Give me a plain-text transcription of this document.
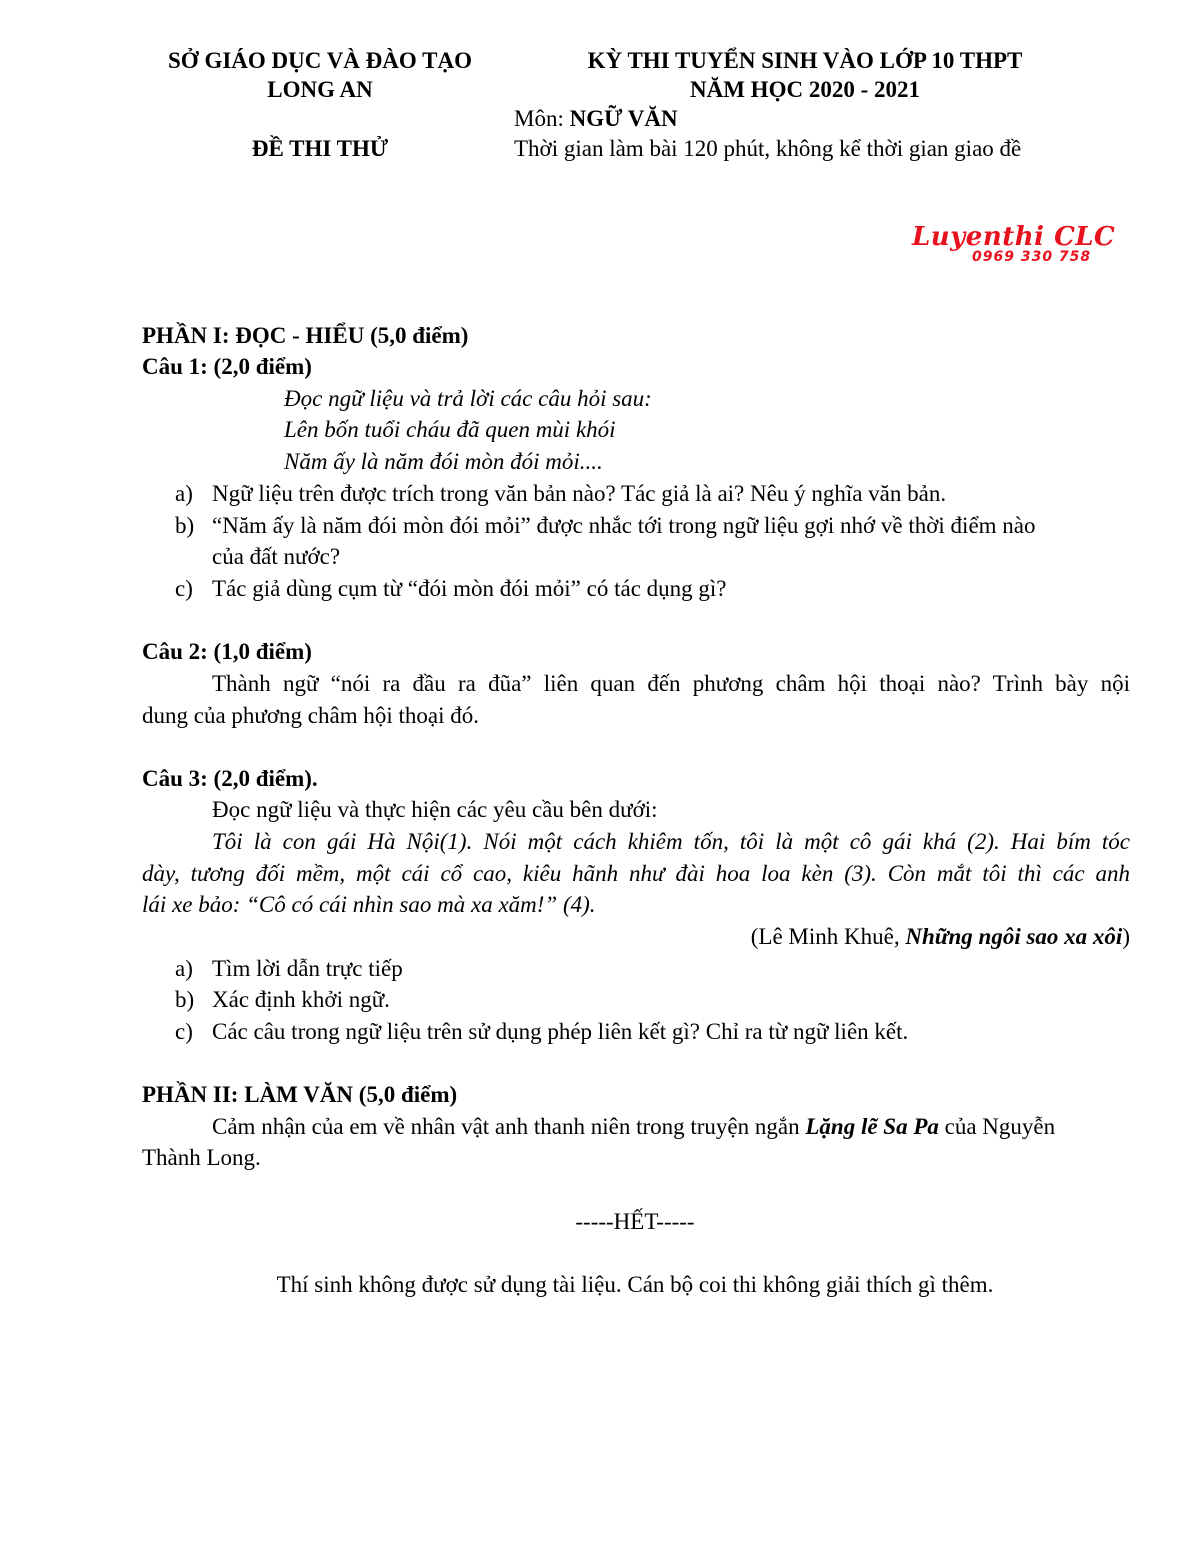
SỞ GIÁO DỤC VÀ ĐÀO TẠO
LONG AN
ĐỀ THI THỬ
KỲ THI TUYỂN SINH VÀO LỚP 10 THPT
NĂM HỌC 2020 - 2021
Môn: NGỮ VĂN
Thời gian làm bài 120 phút, không kể thời gian giao đề
Luyenthi CLC
0969 330 758
PHẦN I: ĐỌC - HIỂU (5,0 điểm)
Câu 1: (2,0 điểm)
Đọc ngữ liệu và trả lời các câu hỏi sau:
Lên bốn tuổi cháu đã quen mùi khói
Năm ấy là năm đói mòn đói mỏi....
a) Ngữ liệu trên được trích trong văn bản nào? Tác giả là ai? Nêu ý nghĩa văn bản.
b) “Năm ấy là năm đói mòn đói mỏi” được nhắc tới trong ngữ liệu gợi nhớ về thời điểm nào
của đất nước?
c) Tác giả dùng cụm từ “đói mòn đói mỏi” có tác dụng gì?
Câu 2: (1,0 điểm)
Thành ngữ “nói ra đầu ra đũa” liên quan đến phương châm hội thoại nào? Trình bày nội
dung của phương châm hội thoại đó.
Câu 3: (2,0 điểm).
Đọc ngữ liệu và thực hiện các yêu cầu bên dưới:
Tôi là con gái Hà Nội(1). Nói một cách khiêm tốn, tôi là một cô gái khá (2). Hai bím tóc
dày, tương đối mềm, một cái cổ cao, kiêu hãnh như đài hoa loa kèn (3). Còn mắt tôi thì các anh
lái xe bảo: “Cô có cái nhìn sao mà xa xăm!” (4).
(Lê Minh Khuê, Những ngôi sao xa xôi)
a) Tìm lời dẫn trực tiếp
b) Xác định khởi ngữ.
c) Các câu trong ngữ liệu trên sử dụng phép liên kết gì? Chỉ ra từ ngữ liên kết.
PHẦN II: LÀM VĂN (5,0 điểm)
Cảm nhận của em về nhân vật anh thanh niên trong truyện ngắn Lặng lẽ Sa Pa của Nguyễn
Thành Long.
-----HẾT-----
Thí sinh không được sử dụng tài liệu. Cán bộ coi thi không giải thích gì thêm.
